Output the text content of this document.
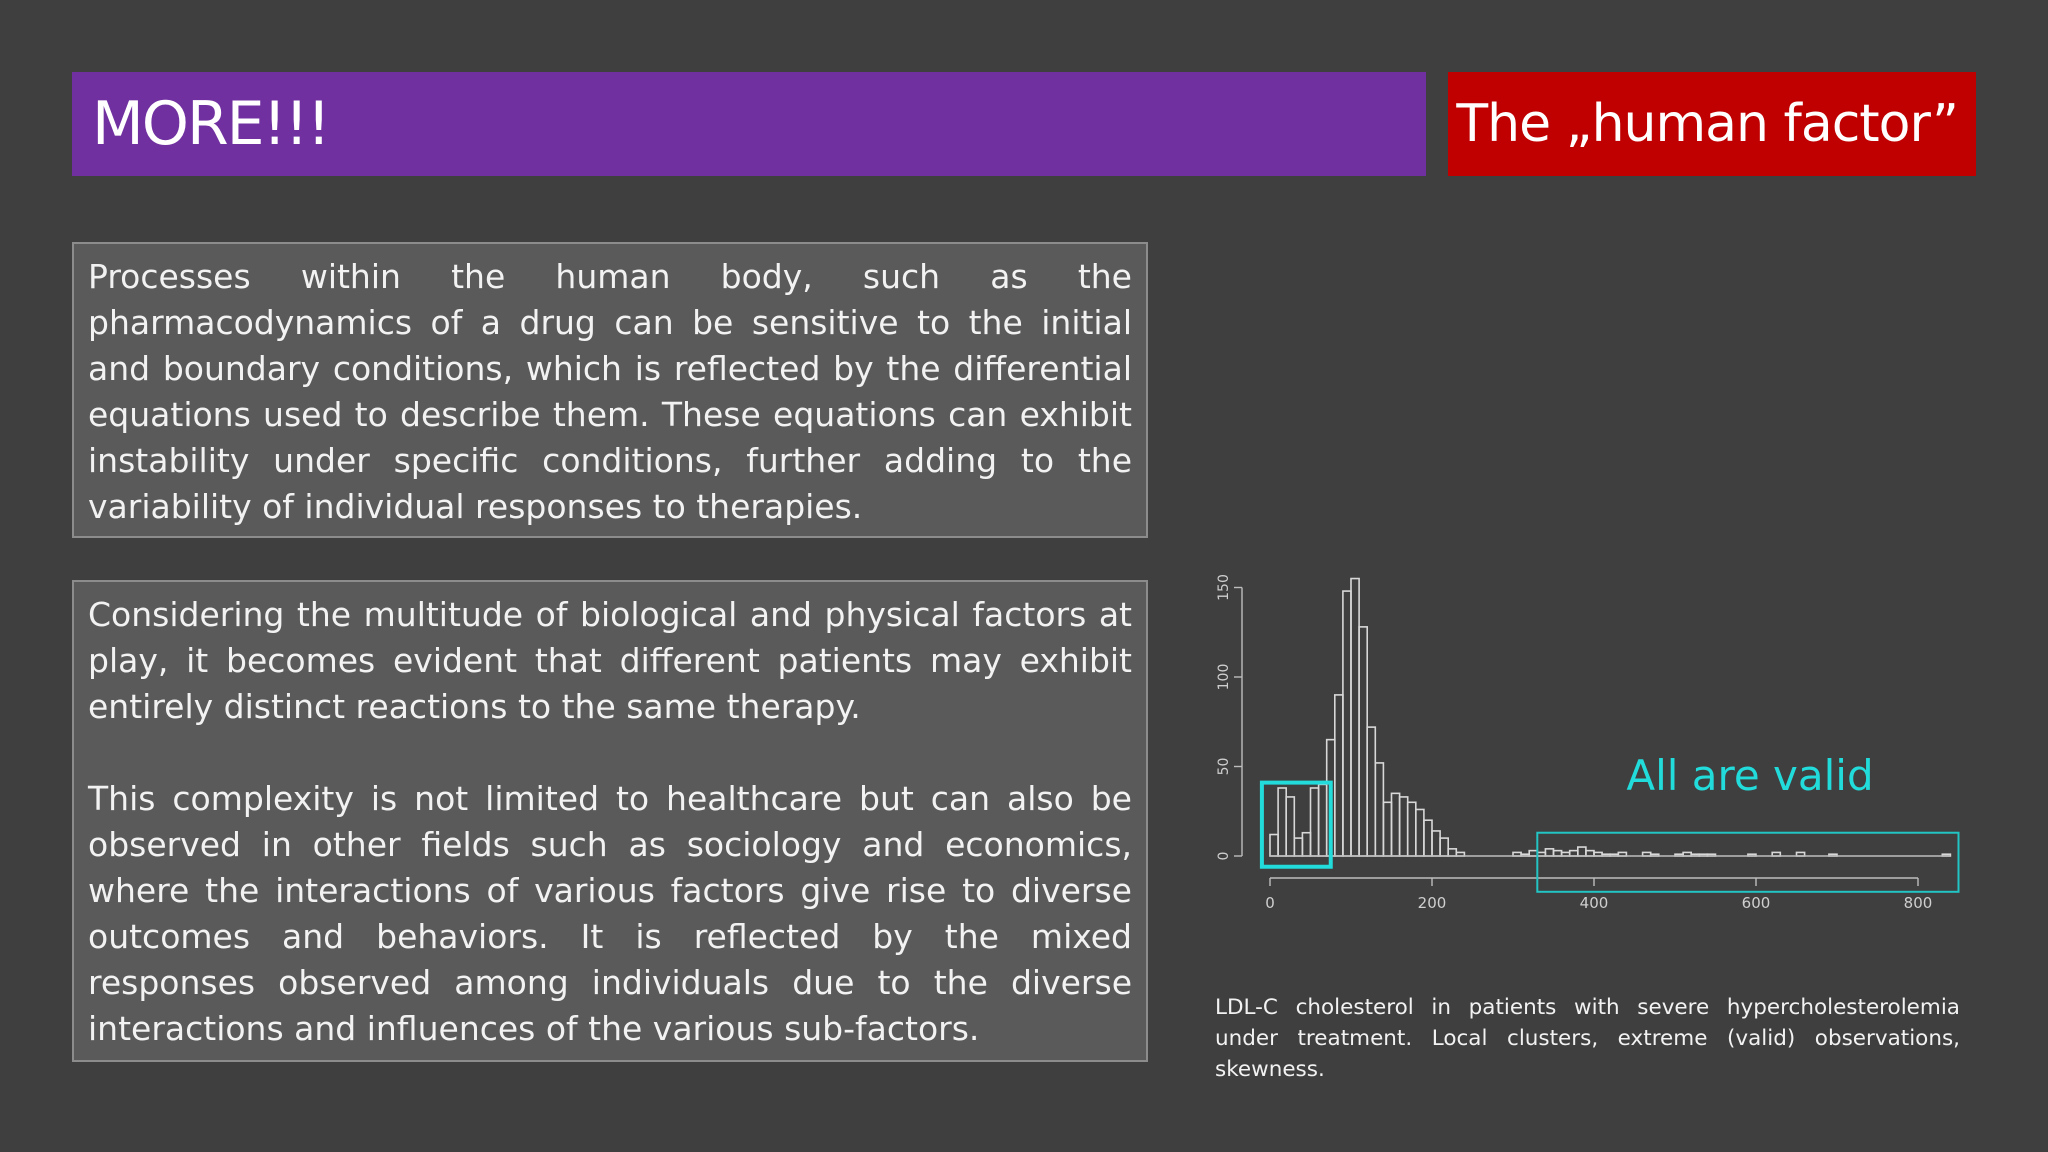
MORE!!!	The „human factor”

Processes within the human body, such as the pharmacodynamics of a drug can be sensitive to the initial and boundary conditions, which is reflected by the differential equations used to describe them. These equations can exhibit instability under specific conditions, further adding to the variability of individual responses to therapies.

Considering the multitude of biological and physical factors at play, it becomes evident that different patients may exhibit entirely distinct reactions to the same therapy.

This complexity is not limited to healthcare but can also be observed in other fields such as sociology and economics, where the interactions of various factors give rise to diverse outcomes and behaviors. It is reflected by the mixed responses observed among individuals due to the diverse interactions and influences of the various sub-factors.

0
50
100
150
0	200	400	600	800
All are valid
LDL-C cholesterol in patients with severe hypercholesterolemia under treatment. Local clusters, extreme (valid) observations, skewness.
